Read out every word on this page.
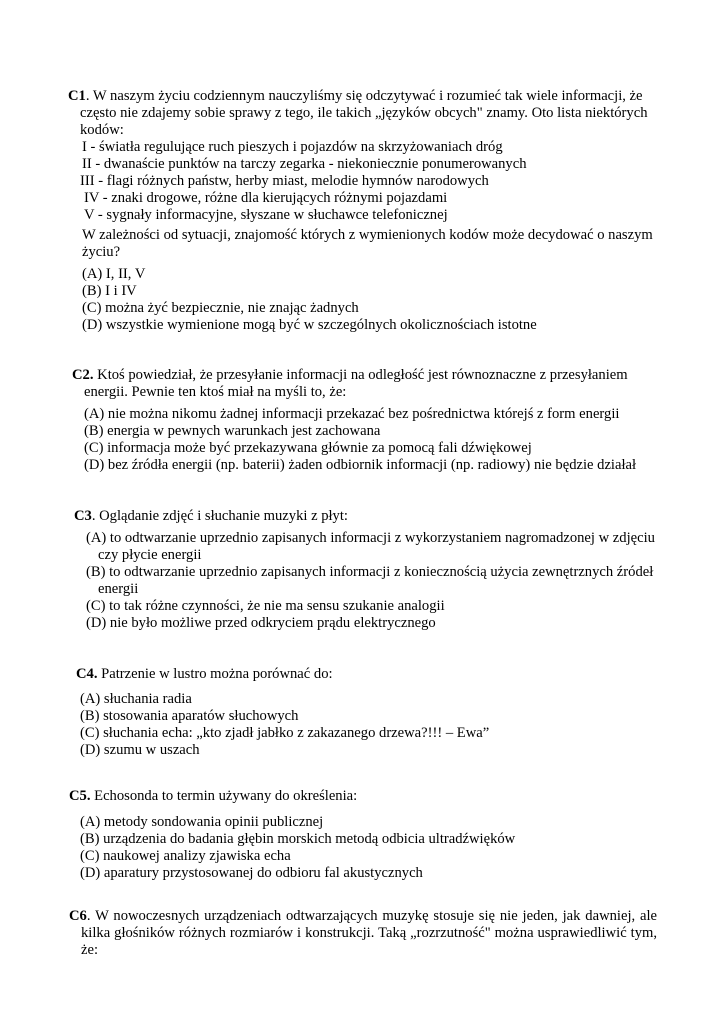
C1. W naszym życiu codziennym nauczyliśmy się odczytywać i rozumieć tak wiele informacji, że
często nie zdajemy sobie sprawy z tego, ile takich „języków obcych" znamy. Oto lista niektórych
kodów:
I - światła regulujące ruch pieszych i pojazdów na skrzyżowaniach dróg
II - dwanaście punktów na tarczy zegarka - niekoniecznie ponumerowanych
III - flagi różnych państw, herby miast, melodie hymnów narodowych
IV - znaki drogowe, różne dla kierujących różnymi pojazdami
V - sygnały informacyjne, słyszane w słuchawce telefonicznej
W zależności od sytuacji, znajomość których z wymienionych kodów może decydować o naszym
życiu?
(A) I, II, V
(B) I i IV
(C) można żyć bezpiecznie, nie znając żadnych
(D) wszystkie wymienione mogą być w szczególnych okolicznościach istotne
C2. Ktoś powiedział, że przesyłanie informacji na odległość jest równoznaczne z przesyłaniem
energii. Pewnie ten ktoś miał na myśli to, że:
(A) nie można nikomu żadnej informacji przekazać bez pośrednictwa którejś z form energii
(B) energia w pewnych warunkach jest zachowana
(C) informacja może być przekazywana głównie za pomocą fali dźwiękowej
(D) bez źródła energii (np. baterii) żaden odbiornik informacji (np. radiowy) nie będzie działał
C3. Oglądanie zdjęć i słuchanie muzyki z płyt:
(A) to odtwarzanie uprzednio zapisanych informacji z wykorzystaniem nagromadzonej w zdjęciu
czy płycie energii
(B) to odtwarzanie uprzednio zapisanych informacji z koniecznością użycia zewnętrznych źródeł
energii
(C) to tak różne czynności, że nie ma sensu szukanie analogii
(D) nie było możliwe przed odkryciem prądu elektrycznego
C4. Patrzenie w lustro można porównać do:
(A) słuchania radia
(B) stosowania aparatów słuchowych
(C) słuchania echa: „kto zjadł jabłko z zakazanego drzewa?!!! – Ewa”
(D) szumu w uszach
C5. Echosonda to termin używany do określenia:
(A) metody sondowania opinii publicznej
(B) urządzenia do badania głębin morskich metodą odbicia ultradźwięków
(C) naukowej analizy zjawiska echa
(D) aparatury przystosowanej do odbioru fal akustycznych
C6. W nowoczesnych urządzeniach odtwarzających muzykę stosuje się nie jeden, jak dawniej, ale
kilka głośników różnych rozmiarów i konstrukcji. Taką „rozrzutność" można usprawiedliwić tym,
że:
